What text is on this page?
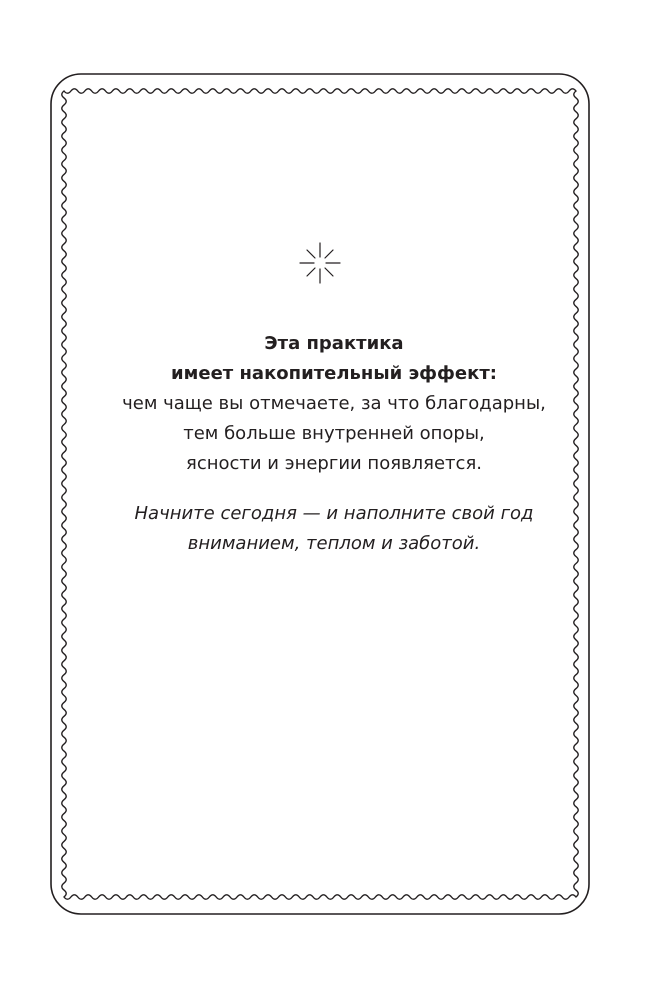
Эта практика
имеет накопительный эффект:
чем чаще вы отмечаете, за что благодарны,
тем больше внутренней опоры,
ясности и энергии появляется.
Начните сегодня — и наполните свой год
вниманием, теплом и заботой.
